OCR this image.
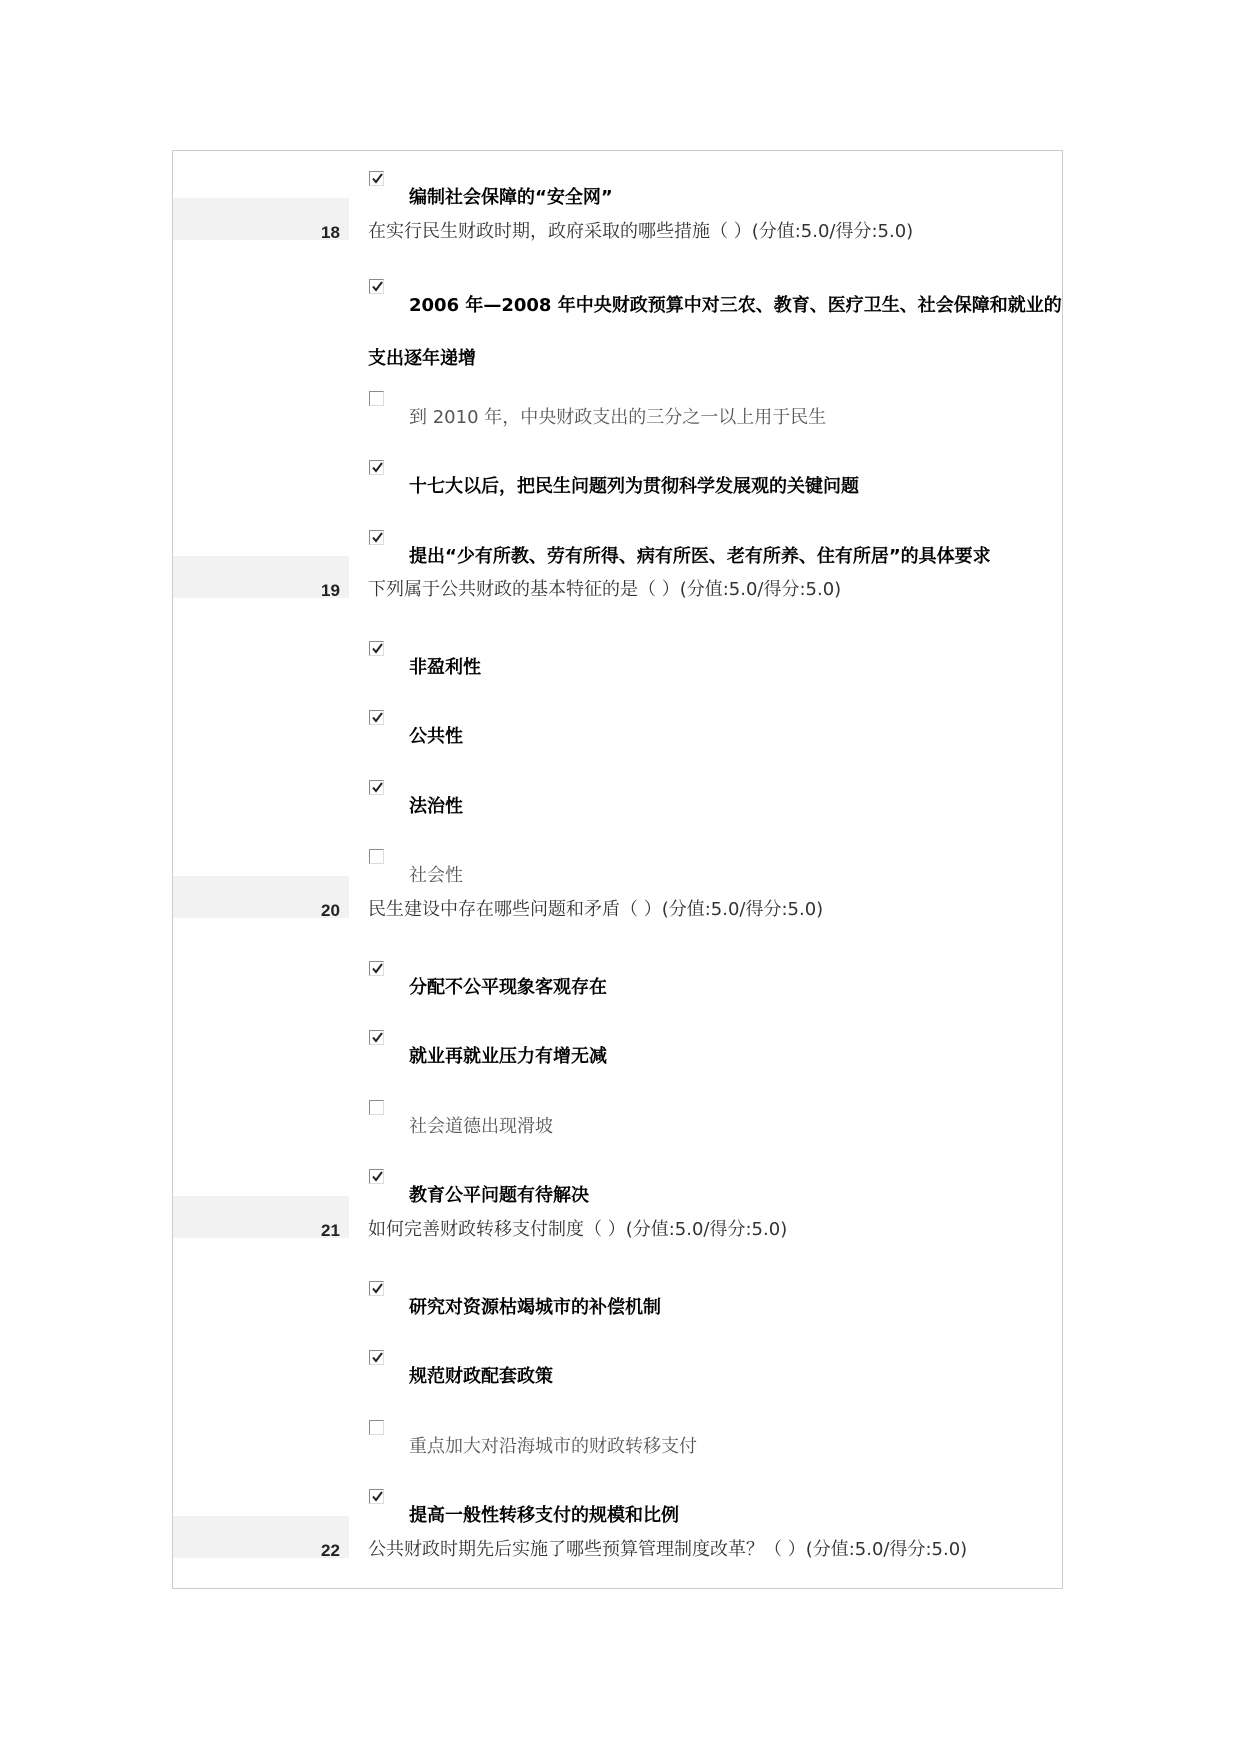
编制社会保障的“安全网”
18 在实行民生财政时期，政府采取的哪些措施（ ）(分值:5.0/得分:5.0)
2006 年—2008 年中央财政预算中对三农、教育、医疗卫生、社会保障和就业的
支出逐年递增
到 2010 年，中央财政支出的三分之一以上用于民生
十七大以后，把民生问题列为贯彻科学发展观的关键问题
提出“少有所教、劳有所得、病有所医、老有所养、住有所居”的具体要求
19 下列属于公共财政的基本特征的是（ ）(分值:5.0/得分:5.0)
非盈利性
公共性
法治性
社会性
20 民生建设中存在哪些问题和矛盾（ ）(分值:5.0/得分:5.0)
分配不公平现象客观存在
就业再就业压力有增无减
社会道德出现滑坡
教育公平问题有待解决
21 如何完善财政转移支付制度（ ）(分值:5.0/得分:5.0)
研究对资源枯竭城市的补偿机制
规范财政配套政策
重点加大对沿海城市的财政转移支付
提高一般性转移支付的规模和比例
22 公共财政时期先后实施了哪些预算管理制度改革？（ ）(分值:5.0/得分:5.0)
